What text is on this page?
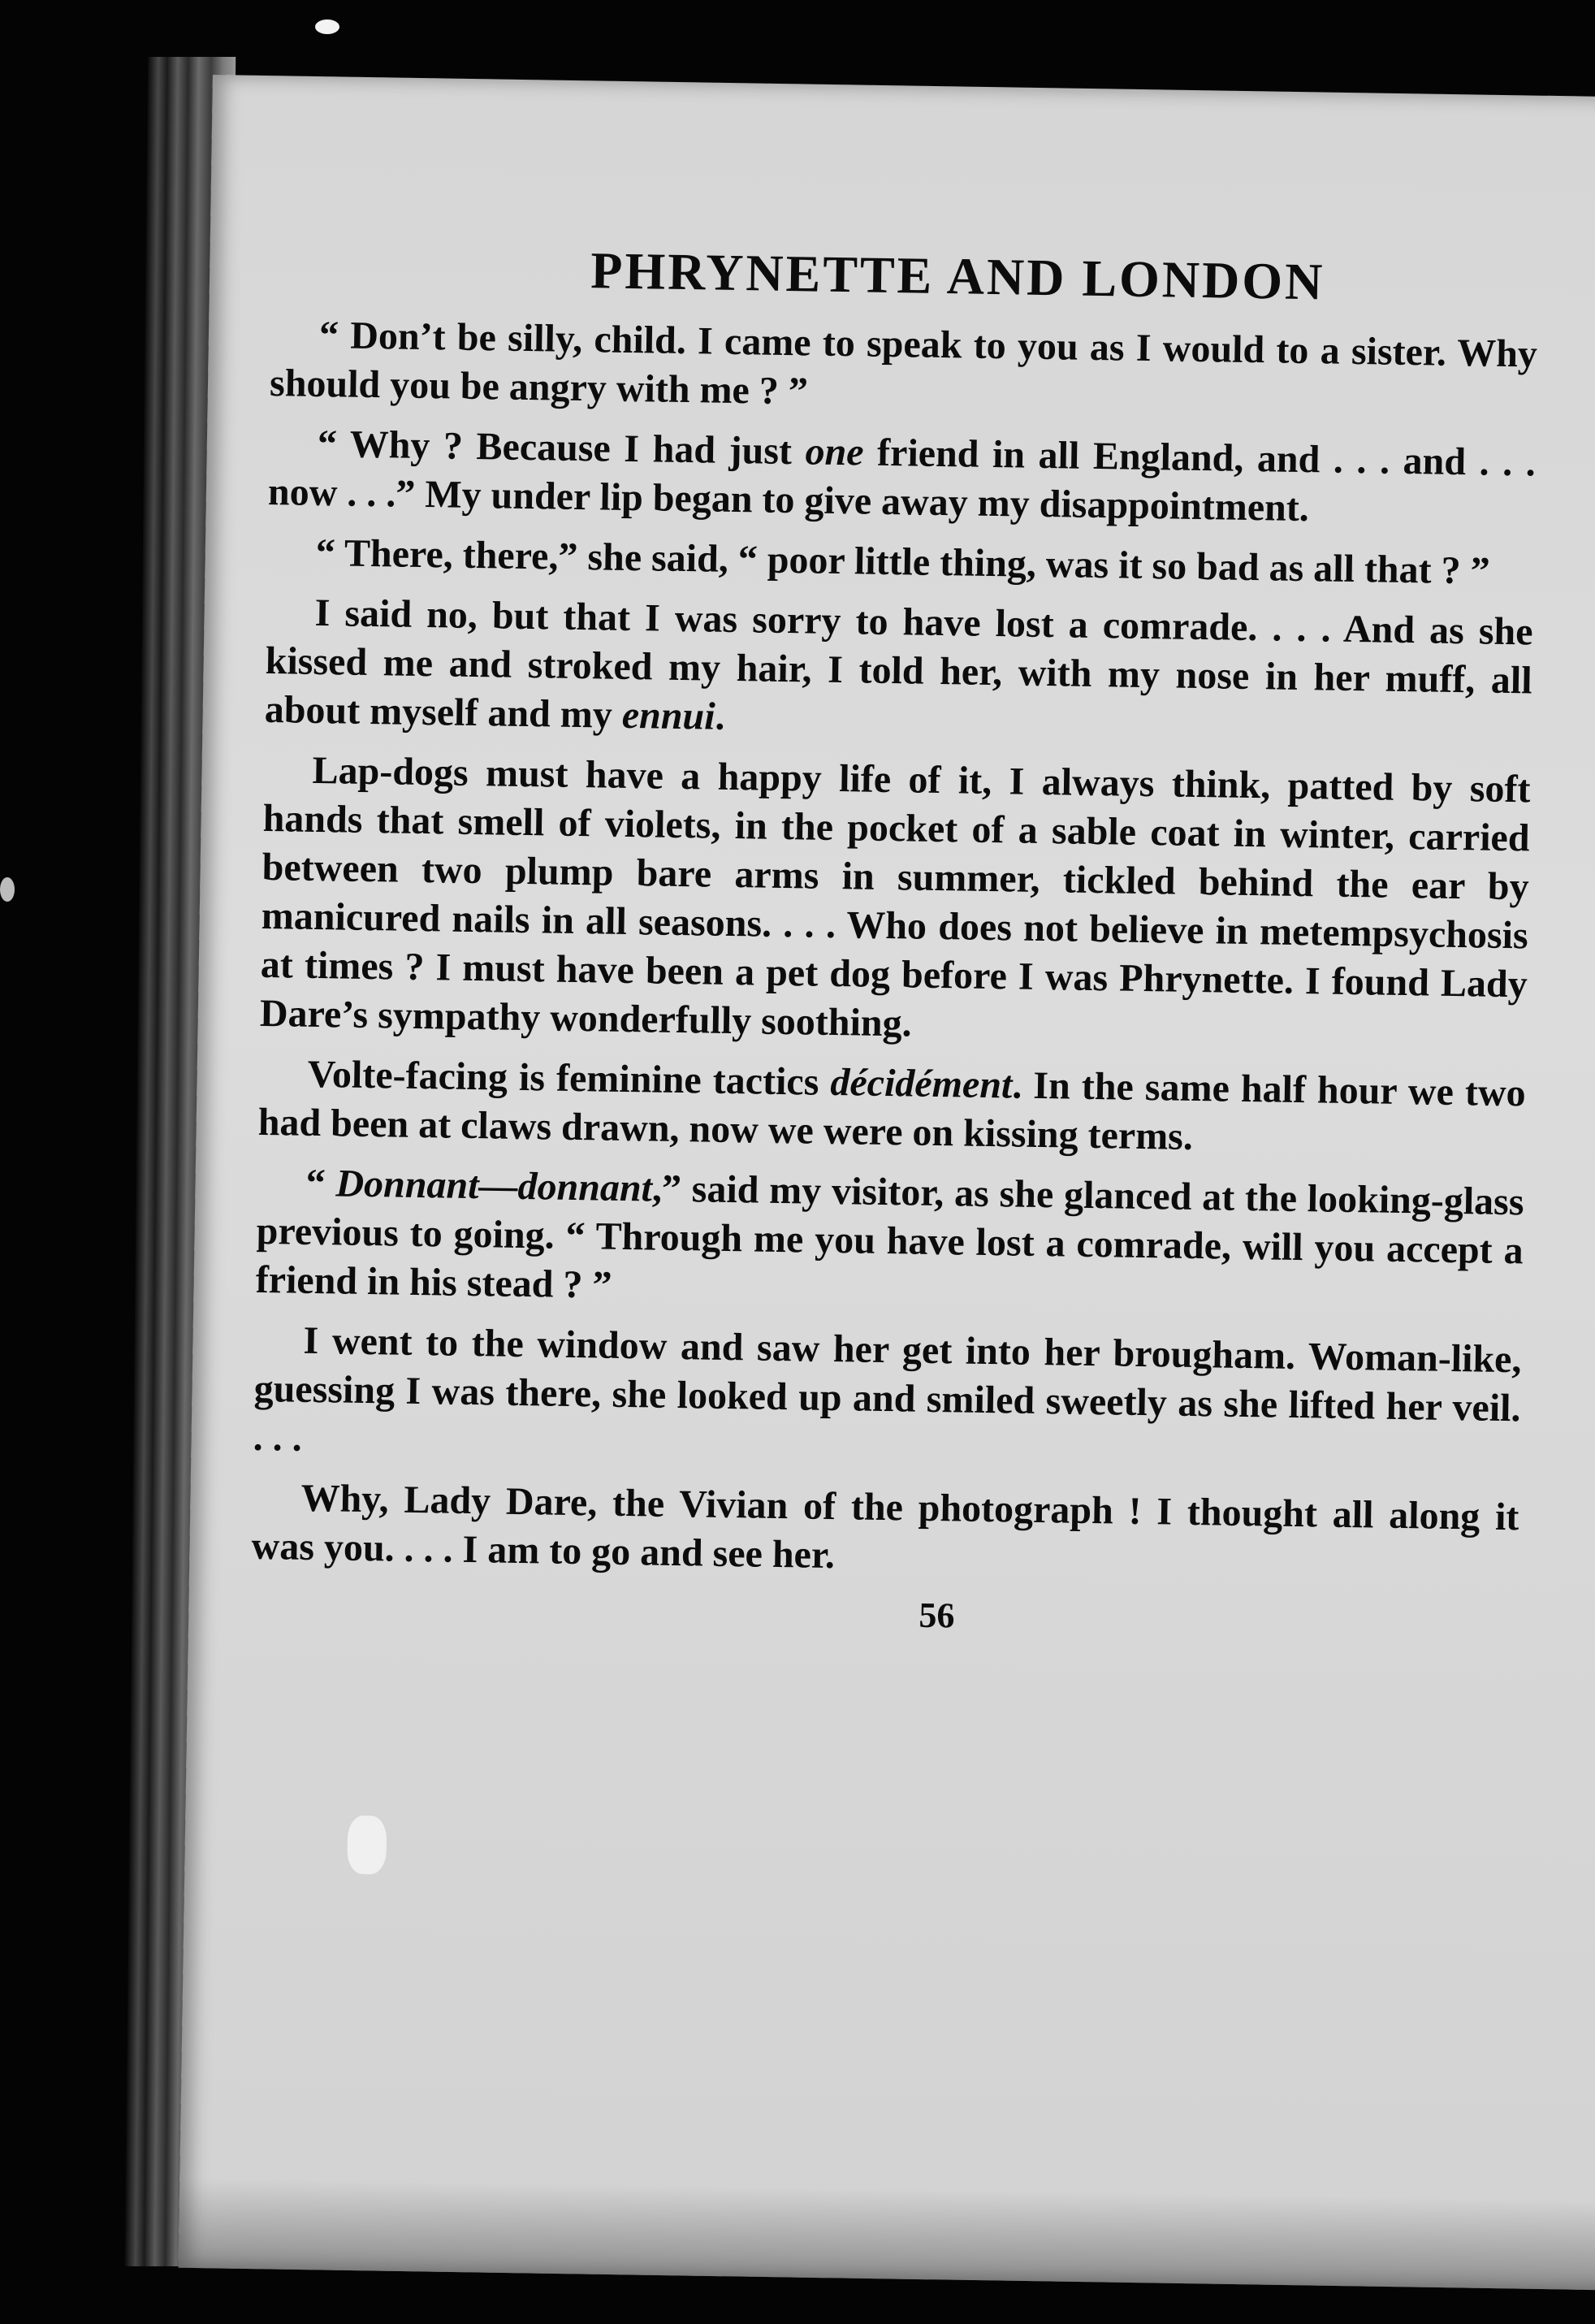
PHRYNETTE AND LONDON

“ Don’t be silly, child. I came to speak to you as I would to a sister. Why should you be angry with me ? ”

“ Why ? Because I had just one friend in all England, and . . . and . . . now . . .” My under lip began to give away my disappointment.

“ There, there,” she said, “ poor little thing, was it so bad as all that ? ”

I said no, but that I was sorry to have lost a comrade. . . . And as she kissed me and stroked my hair, I told her, with my nose in her muff, all about myself and my ennui.

Lap-dogs must have a happy life of it, I always think, patted by soft hands that smell of violets, in the pocket of a sable coat in winter, carried between two plump bare arms in summer, tickled behind the ear by manicured nails in all seasons. . . . Who does not believe in metempsychosis at times ? I must have been a pet dog before I was Phrynette. I found Lady Dare’s sympathy wonderfully soothing.

Volte-facing is feminine tactics décidément. In the same half hour we two had been at claws drawn, now we were on kissing terms.

“ Donnant—donnant,” said my visitor, as she glanced at the looking-glass previous to going. “ Through me you have lost a comrade, will you accept a friend in his stead ? ”

I went to the window and saw her get into her brougham. Woman-like, guessing I was there, she looked up and smiled sweetly as she lifted her veil. . . .

Why, Lady Dare, the Vivian of the photograph ! I thought all along it was you. . . . I am to go and see her.

56
